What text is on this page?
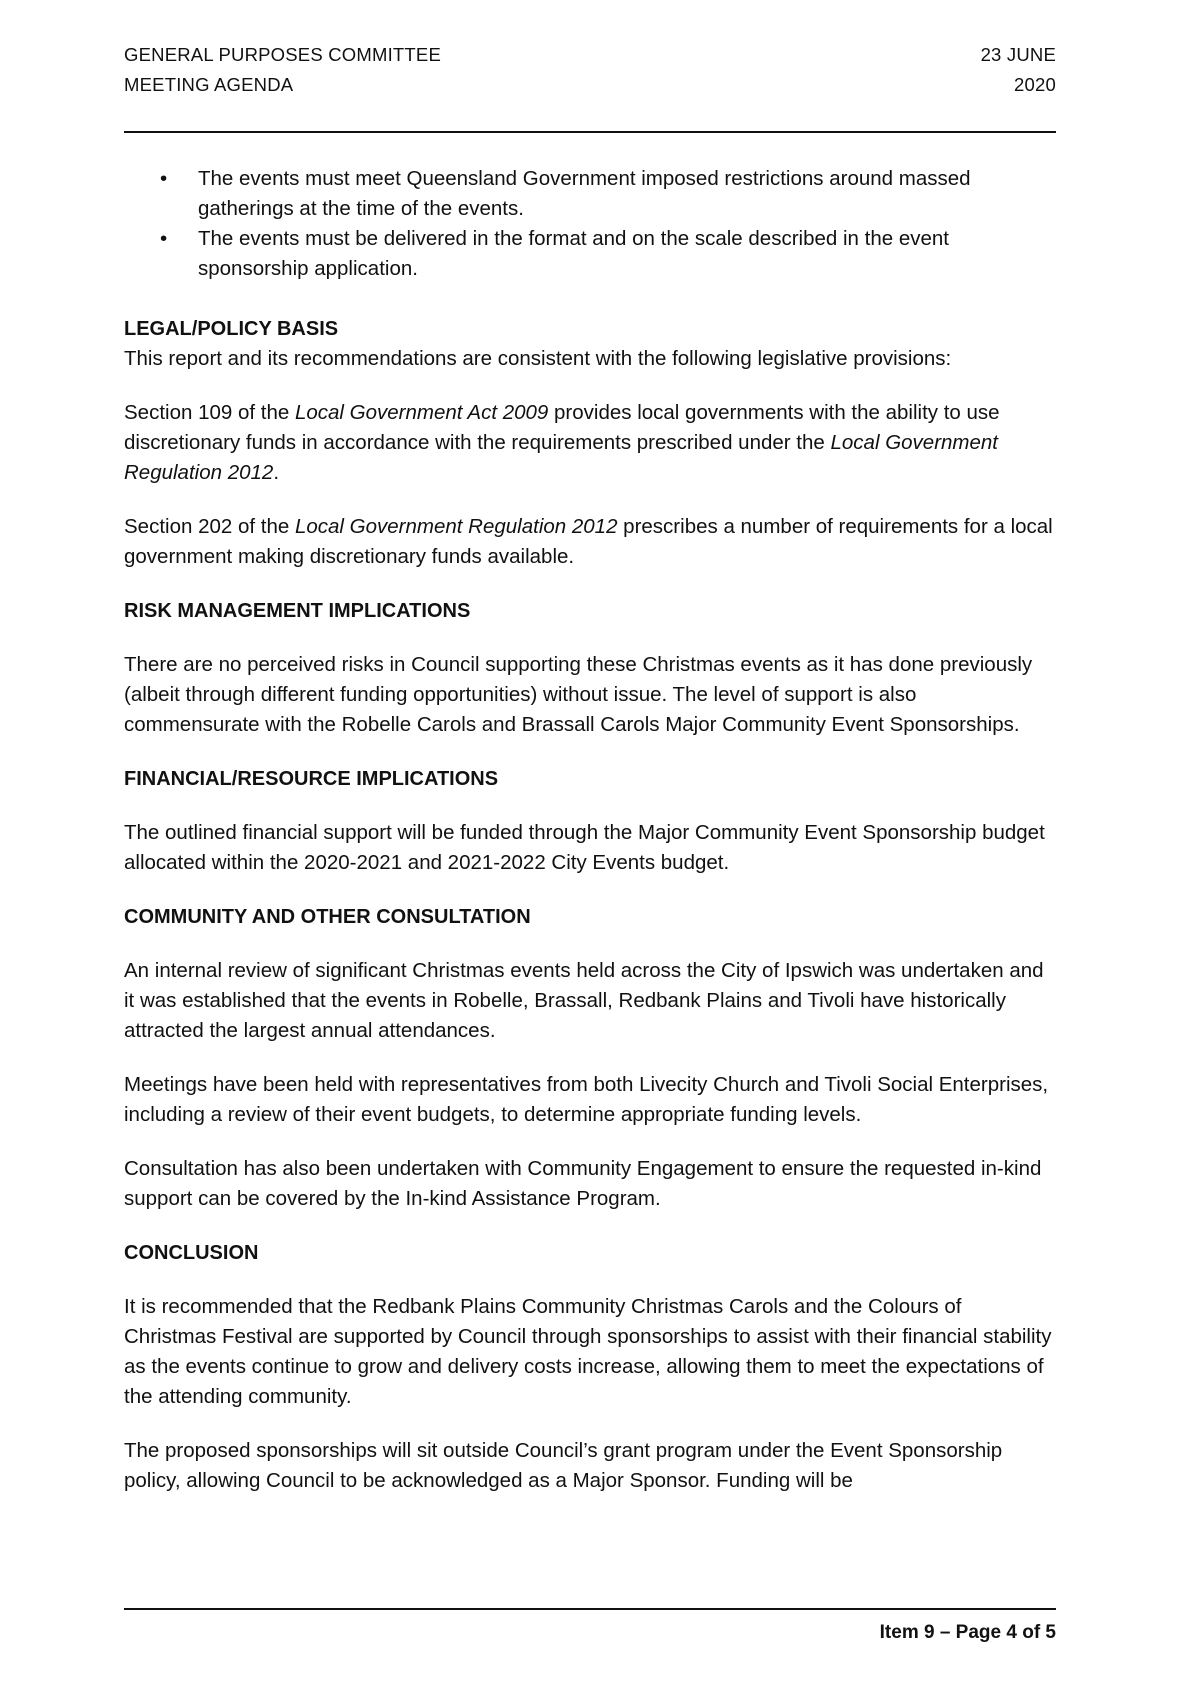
GENERAL PURPOSES COMMITTEE
MEETING AGENDA
23 JUNE
2020
• The events must meet Queensland Government imposed restrictions around massed gatherings at the time of the events.
• The events must be delivered in the format and on the scale described in the event sponsorship application.

LEGAL/POLICY BASIS

This report and its recommendations are consistent with the following legislative provisions:

Section 109 of the Local Government Act 2009 provides local governments with the ability to use discretionary funds in accordance with the requirements prescribed under the Local Government Regulation 2012.

Section 202 of the Local Government Regulation 2012 prescribes a number of requirements for a local government making discretionary funds available.

RISK MANAGEMENT IMPLICATIONS

There are no perceived risks in Council supporting these Christmas events as it has done previously (albeit through different funding opportunities) without issue. The level of support is also commensurate with the Robelle Carols and Brassall Carols Major Community Event Sponsorships.

FINANCIAL/RESOURCE IMPLICATIONS

The outlined financial support will be funded through the Major Community Event Sponsorship budget allocated within the 2020-2021 and 2021-2022 City Events budget.

COMMUNITY AND OTHER CONSULTATION

An internal review of significant Christmas events held across the City of Ipswich was undertaken and it was established that the events in Robelle, Brassall, Redbank Plains and Tivoli have historically attracted the largest annual attendances.

Meetings have been held with representatives from both Livecity Church and Tivoli Social Enterprises, including a review of their event budgets, to determine appropriate funding levels.

Consultation has also been undertaken with Community Engagement to ensure the requested in-kind support can be covered by the In-kind Assistance Program.

CONCLUSION

It is recommended that the Redbank Plains Community Christmas Carols and the Colours of Christmas Festival are supported by Council through sponsorships to assist with their financial stability as the events continue to grow and delivery costs increase, allowing them to meet the expectations of the attending community.

The proposed sponsorships will sit outside Council’s grant program under the Event Sponsorship policy, allowing Council to be acknowledged as a Major Sponsor. Funding will be

Item 9 – Page 4 of 5
